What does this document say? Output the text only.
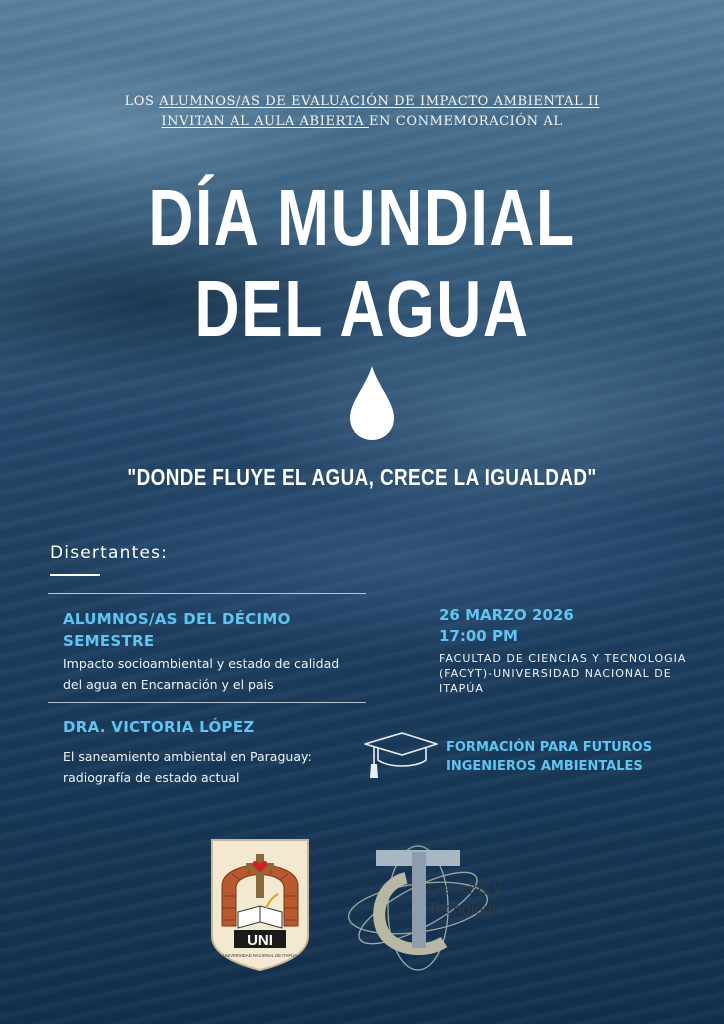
LOS ALUMNOS/AS DE EVALUACIÓN DE IMPACTO AMBIENTAL II
INVITAN AL AULA ABIERTA EN CONMEMORACIÓN AL
DÍA MUNDIAL
DEL AGUA
"DONDE FLUYE EL AGUA, CRECE LA IGUALDAD"
Disertantes:
ALUMNOS/AS DEL DÉCIMO
SEMESTRE
Impacto socioambiental y estado de calidad
del agua en Encarnación y el pais
DRA. VICTORIA LÓPEZ
El saneamiento ambiental en Paraguay:
radiografía de estado actual
26 MARZO 2026
17:00 PM
FACULTAD DE CIENCIAS Y TECNOLOGIA
(FACYT)-UNIVERSIDAD NACIONAL DE
ITAPÚA
FORMACIÓN PARA FUTUROS
INGENIEROS AMBIENTALES
UNI
UNIVERSIDAD NACIONAL DE ITAPÚA
Ciencias y
Tecnología
